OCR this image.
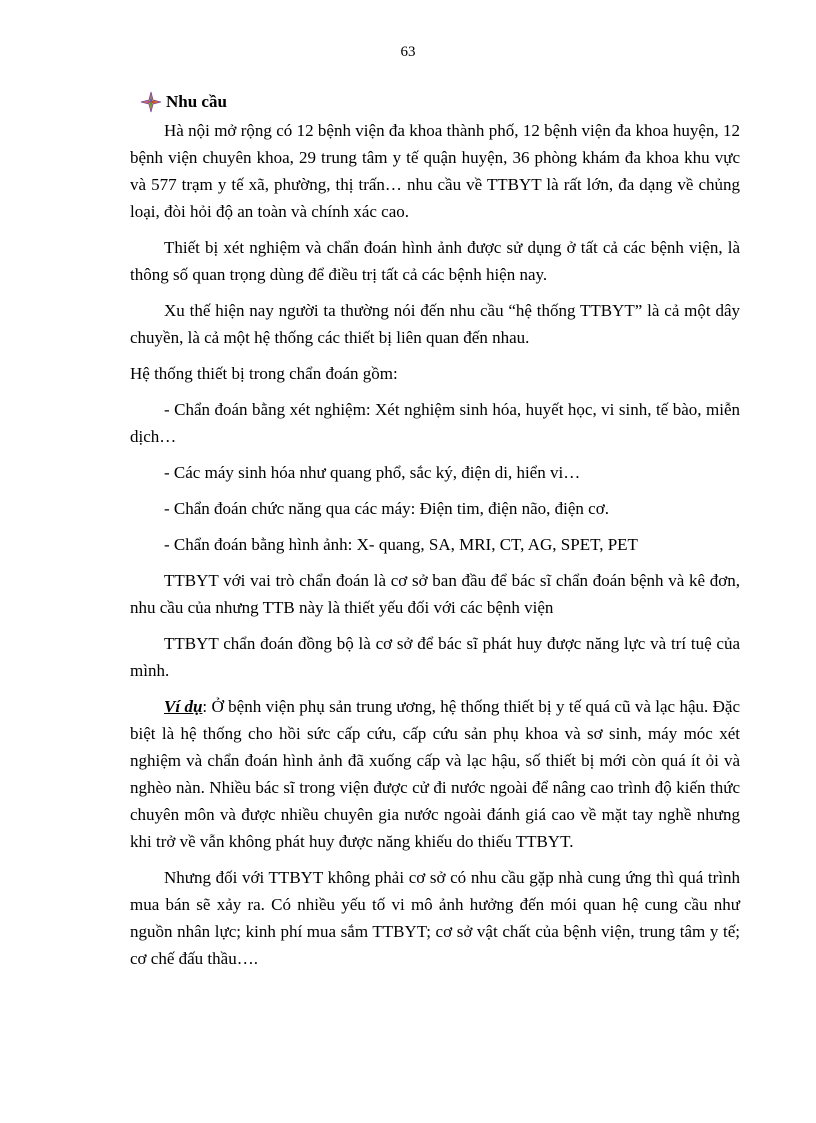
63
Nhu cầu

Hà nội mở rộng có 12 bệnh viện đa khoa thành phố, 12 bệnh viện đa khoa huyện, 12 bệnh viện chuyên khoa, 29 trung tâm y tế quận huyện, 36 phòng khám đa khoa khu vực và 577 trạm y tế xã, phường, thị trấn… nhu cầu về TTBYT là rất lớn, đa dạng về chủng loại, đòi hỏi độ an toàn và chính xác cao.

Thiết bị xét nghiệm và chẩn đoán hình ảnh được sử dụng ở tất cả các bệnh viện, là thông số quan trọng dùng để điều trị tất cả các bệnh hiện nay.

Xu thế hiện nay người ta thường nói đến nhu cầu “hệ thống TTBYT” là cả một dây chuyền, là cả một hệ thống các thiết bị liên quan đến nhau.

Hệ thống thiết bị trong chẩn đoán gồm:

- Chẩn đoán bằng xét nghiệm: Xét nghiệm sinh hóa, huyết học, vi sinh, tế bào, miễn dịch…

- Các máy sinh hóa như quang phổ, sắc ký, điện di, hiển vi…

- Chẩn đoán chức năng qua các máy: Điện tim, điện não, điện cơ.

- Chẩn đoán bằng hình ảnh: X- quang, SA, MRI, CT, AG, SPET, PET

TTBYT với vai trò chẩn đoán là cơ sở ban đầu để bác sĩ chẩn đoán bệnh và kê đơn, nhu cầu của nhưng TTB này là thiết yếu đối với các bệnh viện

TTBYT chẩn đoán đồng bộ là cơ sở để bác sĩ phát huy được năng lực và trí tuệ của mình.

Ví dụ: Ở bệnh viện phụ sản trung ương, hệ thống thiết bị y tế quá cũ và lạc hậu. Đặc biệt là hệ thống cho hồi sức cấp cứu, cấp cứu sản phụ khoa và sơ sinh, máy móc xét nghiệm và chẩn đoán hình ảnh đã xuống cấp và lạc hậu, số thiết bị mới còn quá ít ỏi và nghèo nàn. Nhiều bác sĩ trong viện được cử đi nước ngoài để nâng cao trình độ kiến thức chuyên môn và được nhiều chuyên gia nước ngoài đánh giá cao về mặt tay nghề nhưng khi trở về vẫn không phát huy được năng khiếu do thiếu TTBYT.

Nhưng đối với TTBYT không phải cơ sở có nhu cầu gặp nhà cung ứng thì quá trình mua bán sẽ xảy ra. Có nhiều yếu tố vi mô ảnh hưởng đến mói quan hệ cung cầu như nguồn nhân lực; kinh phí mua sắm TTBYT; cơ sở vật chất của bệnh viện, trung tâm y tế; cơ chế đấu thầu….
